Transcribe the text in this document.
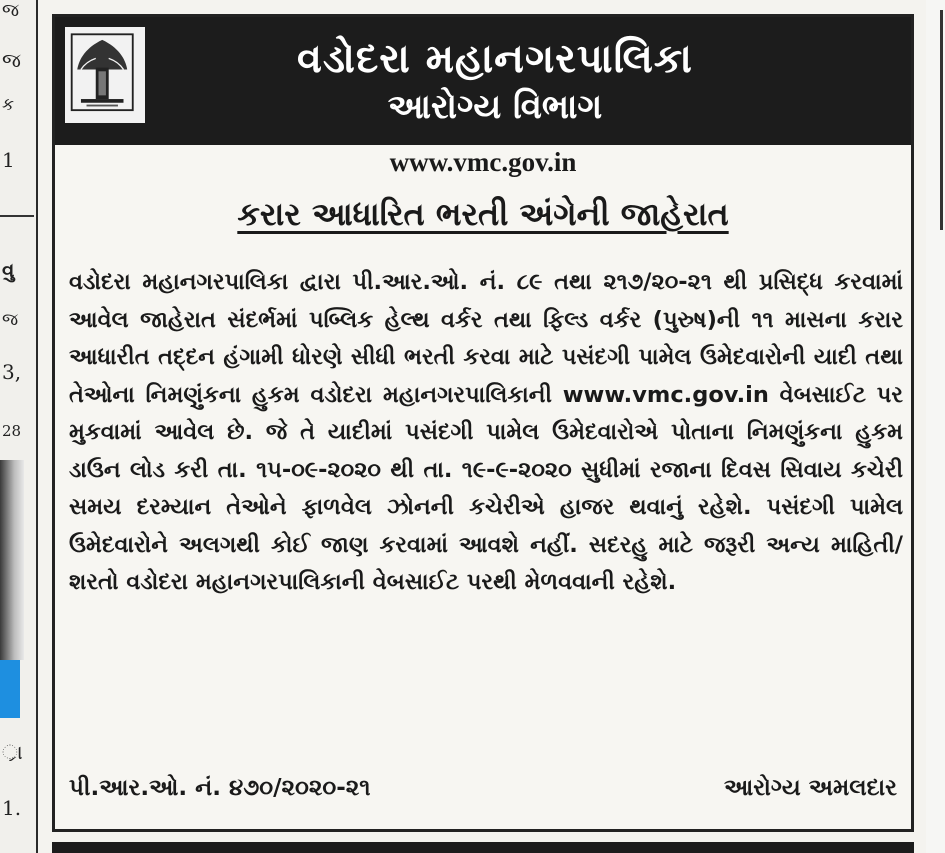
જ
જ
ક
1
વુ
જ
3,
28
ર્ા
1.
વડોદરા મહાનગરપાલિકા
આરોગ્ય વિભાગ
www.vmc.gov.in
કરાર આધારિત ભરતી અંગેની જાહેરાત
વડોદરા મહાનગરપાલિકા દ્વારા પી.આર.ઓ. નં. ૮૯ તથા ૨૧૭/૨૦-૨૧ થી પ્રસિદ્ધ કરવામાં આવેલ જાહેરાત સંદર્ભમાં પબ્લિક હેલ્થ વર્કર તથા ફિલ્ડ વર્કર (પુરુષ)ની ૧૧ માસના કરાર આધારીત તદ્દન હંગામી ધોરણે સીધી ભરતી કરવા માટે પસંદગી પામેલ ઉમેદવારોની યાદી તથા તેઓના નિમણુંકના હુકમ વડોદરા મહાનગરપાલિકાની www.vmc.gov.in વેબસાઈટ પર મુકવામાં આવેલ છે. જે તે યાદીમાં પસંદગી પામેલ ઉમેદવારોએ પોતાના નિમણુંકના હુકમ ડાઉન લોડ કરી તા. ૧૫-૦૯-૨૦૨૦ થી તા. ૧૯-૯-૨૦૨૦ સુધીમાં રજાના દિવસ સિવાય કચેરી સમય દરમ્યાન તેઓને ફાળવેલ ઝોનની કચેરીએ હાજર થવાનું રહેશે. પસંદગી પામેલ ઉમેદવારોને અલગથી કોઈ જાણ કરવામાં આવશે નહીં. સદરહુ માટે જરૂરી અન્ય માહિતી/શરતો વડોદરા મહાનગરપાલિકાની વેબસાઈટ પરથી મેળવવાની રહેશે.
પી.આર.ઓ. નં. ૪૭૦/૨૦૨૦-૨૧	આરોગ્ય અમલદાર
